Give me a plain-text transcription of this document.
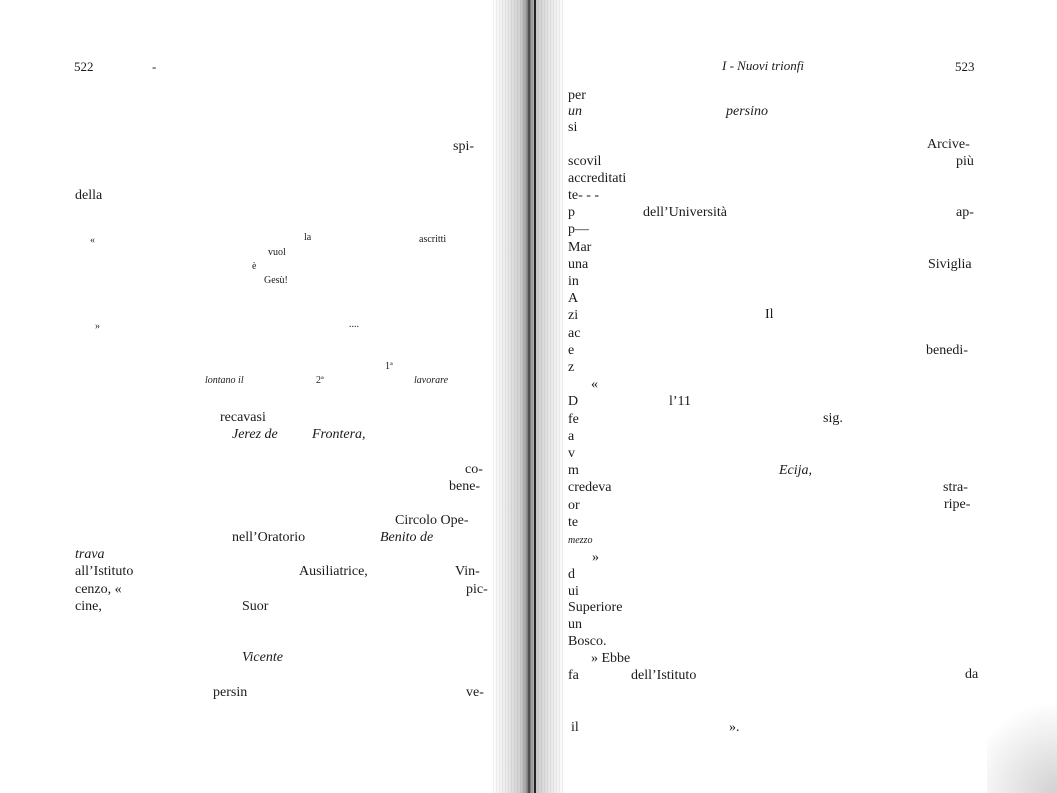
522	-
spi-
della
«	la	ascritti
vuol
è
Gesù!
»	....
1ª
lontano il	2ª	lavorare
recavasi
Jerez de Frontera,
co-
bene-
Circolo Ope-
nell’Oratorio	Benito de
trava
all’Istituto	Ausiliatrice,	Vin-
cenzo, «	pic-
cine,	Suor
Vicente
persin	ve-
I - Nuovi trionfi	523
per
un	persino
si
Arcive-
più
scovil
accreditati
te- - -
p	dell’Università	ap-
p—
Mar
una	Siviglia
in
A
zi	Il
ac
e	benedi-
z
«
D	l’11
fe	sig.
a
v
m	Ecija,
credeva	stra-
or	ripe-
te
mezzo
»
d
ui
Superiore
un
Bosco.
» Ebbe
fa	dell’Istituto	da
il	».
